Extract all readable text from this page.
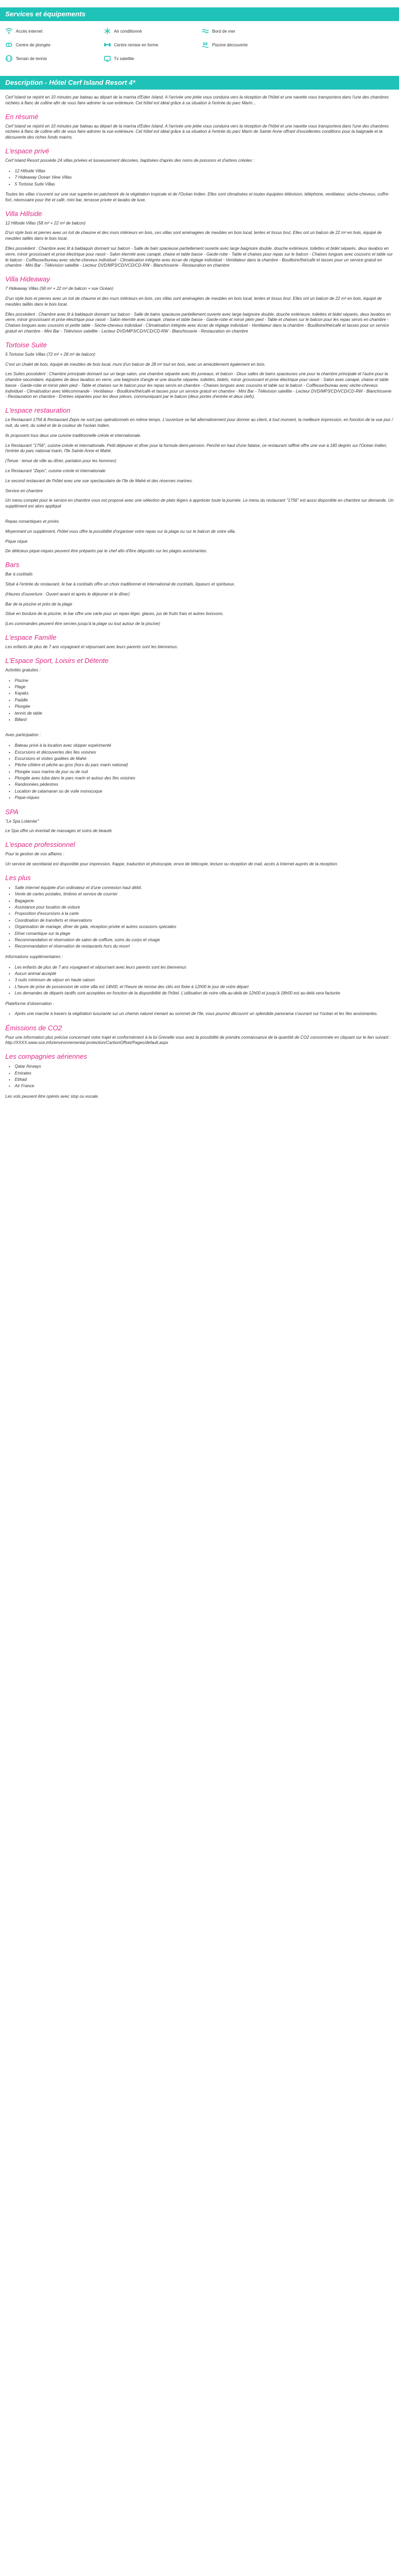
Services et équipements
Accès internet	Air conditionné	Bord de mer
Centre de plongée	Centre remise en forme	Piscine découverte
Terrain de tennis	Tv satellite
Description - Hôtel Cerf Island Resort 4*

Cerf Island se rejoint en 10 minutes par bateau au départ de la marina d'Eden Island. A l'arrivée une jetée vous conduira vers la réception de l'hôtel et une navette vous transportera dans l'une des chambres nichées à flanc de colline afin de vous faire admirer la vue extérieure. Cet hôtel est idéal grâce à sa situation à l'entrée du parc Marin...

En résumé

Cerf Island se rejoint en 10 minutes par bateau au départ de la marina d'Eden Island. A l'arrivée une jetée vous conduira vers la réception de l'hôtel et une navette vous transportera dans l'une des chambres nichées à flanc de colline afin de vous faire admirer la vue extérieure. Cet hôtel est idéal grâce à sa situation à l'entrée du parc Marin de Sainte Anne offrant d'excellentes conditions pour la baignade et la découverte des riches fonds marins.

L'espace privé

Cerf Island Resort possède 24 villas privées et luxueusement décorées, baptisées d'après des noms de poissons et d'arbres créoles :

• 12 Hillside Villas
• 7 Hideaway Ocean View Villas
• 5 Tortoise Suite Villas

Toutes les villas s'ouvrent sur une vue superbe en patchwork de la végétation tropicale et de l'Océan Indien. Elles sont climatisées et toutes équipées télévision, téléphone, ventilateur, sèche-cheveux, coffre-fort, nécessaire pour thé et café, mini bar, terrasse privée et lavabo de luxe.

Villa Hillside

12 Hillside Villas (58 m² + 22 m² de balcon)

D'un style bois et pierres avec un toit de chaume et des murs intérieurs en bois, ces villas sont aménagées de meubles en bois local, tentes et tissus brut. Elles ont un balcon de 22 m² en bois, équipé de meubles taillés dans le bois local.

Elles possèdent : Chambre avec lit à baldaquin donnant sur balcon - Salle de bain spacieuse partiellement ouverte avec large baignoire double, douche extérieure, toilettes et bidet séparés, deux lavabos en verre, miroir grossissant et prise électrique pour rasoir - Salon éternité avec canapé, chaise et table basse - Garde-robe - Table et chaises pour repas sur le balcon - Chaises longues avec coussins et table sur le balcon - Coiffeuse/bureau avec sèche-cheveux individuel - Climatisation intégrée avec écran de réglage individuel - Ventilateur dans la chambre - Bouilloire/thé/café et tasses pour un service gratuit en chambre - Mini Bar - Télévision satellite - Lecteur DVD/MP3/CD/VCD/CD-RW - Blanchisserie - Restauration en chambre

Villa Hideaway

7 Hideaway Villas (58 m² + 22 m² de balcon + vue Océan)

D'un style bois et pierres avec un toit de chaume et des murs intérieurs en bois, ces villas sont aménagées de meubles en bois local, tentes et tissus brut. Elles ont un balcon de 22 m² en bois, équipé de meubles taillés dans le bois local.

Elles possèdent : Chambre avec lit à baldaquin donnant sur balcon - Salle de bains spacieuse partiellement ouverte avec large baignoire double, douche extérieure, toilettes et bidet séparés, deux lavabos en verre, miroir grossissant et prise électrique pour rasoir - Salon éternité avec canapé, chaise et table basse - Garde-robe et miroir plein pied - Table et chaises sur le balcon pour les repas servis en chambre - Chaises longues avec coussins et petite table - Sèche-cheveux individuel - Climatisation intégrée avec écran de réglage individuel - Ventilateur dans la chambre - Bouilloire/thé/café et tasses pour un service gratuit en chambre - Mini Bar - Télévision satellite - Lecteur DVD/MP3/CD/VCD/CD-RW - Blanchisserie - Restauration en chambre

Tortoise Suite

5 Tortoise Suite Villas (72 m² + 28 m² de balcon)

C'est un chalet de bois, équipé de meubles de bois local, muni d'un balcon de 28 m² tout en bois, avec un ameublement également en bois.

Les Suites possèdent : Chambre principale donnant sur un large salon, une chambre séparée avec lits jumeaux, et balcon - Deux salles de bains spacieuses une pour la chambre principale et l'autre pour la chambre secondaire, équipées de deux lavabos en verre, une baignoire d'angle et une douche séparée, toilettes, bidets, miroir grossissant et prise électrique pour rasoir - Salon avec canapé, chaise et table basse - Garde-robe et miroir plein pied - Table et chaises sur le balcon pour les repas servis en chambre - Chaises longues avec coussins et table sur le balcon - Coiffeuse/bureau avec sèche-cheveux individuel - Climatisation avec télécommande - Ventilateur - Bouilloire/thé/café et tasses pour un service gratuit en chambre - Mini Bar - Télévision satellite - Lecteur DVD/MP3/CD/VCD/CD-RW - Blanchisserie - Restauration en chambre - Entrées séparées pour les deux pièces, communiquant par le balcon (deux portes d'entrée et deux clefs).

L'espace restauration

Le Restaurant 1756 & Restaurant Zepis ne sont pas opérationnels en même temps. L'ouverture se fait alternativement pour donner au client, à tout moment, la meilleure impression, en fonction de la vue jour / nuit, du vent, du soleil et de la couleur de l'océan Indien.

Ils proposent tous deux une cuisine traditionnelle créole et internationale.

Le Restaurant "1756", cuisine créole et internationale. Petit-déjeuner et dîner pour la formule demi-pension. Perché en haut d'une falaise, ce restaurant raffiné offre une vue à 180 degrés sur l'Océan Indien, l'entrée du parc national marin, l'île Sainte Anne et Mahé.

(Tenue : tenue de ville au dîner, pantalon pour les hommes)

Le Restaurant "Zepis", cuisine créole et internationale

Le second restaurant de l'hôtel avec une vue spectaculaire de l'île de Mahé et des réserves marines.

Service en chambre

Un menu complet pour le service en chambre vous est proposé avec une sélection de plats légers à apprécier toute la journée. Le menu du restaurant "1756" est aussi disponible en chambre sur demande. Un supplément est alors appliqué

Repas romantiques et privés

Moyennant un supplément, l'hôtel vous offre la possibilité d'organiser votre repas sur la plage ou sur le balcon de votre villa.

Pique nique

De délicieux pique-niques peuvent être préparés par le chef afin d'être dégustés sur les plages avoisinantes.

Bars

Bar à cocktails

Situé à l'entrée du restaurant, le bar à cocktails offre un choix traditionnel et international de cocktails, liqueurs et spiritueux.

(Heures d'ouverture : Ouvert avant et après le déjeuner et le dîner)

Bar de la piscine et près de la plage

Situé en bordure de la piscine, le bar offre une carte pour un repas léger, glaces, jus de fruits frais et autres boissons.

(Les commandes peuvent être servies jusqu'à la plage ou tout autour de la piscine)

L'espace Famille

Les enfants de plus de 7 ans voyageant et séjournant avec leurs parents sont les bienvenus.

L'Espace Sport, Loisirs et Détente

Activités gratuites :

• Piscine
• Plage
• Kayaks
• Paddle
• Plongée
• tennis de table
• Billard

Avec participation :

• Bateau privé à la location avec skipper expérimenté
• Excursions et découvertes des îles voisines
• Excursions et visites guidées de Mahé
• Pêche côtière et pêche au gros (hors du parc marin national)
• Plongée sous marine de jour ou de nuit
• Plongée avec tuba dans le parc marin et autour des îles voisines
• Randonnées pédestres
• Location de catamaran ou de voile monocoque
• Pique-niques
SPA

"Le Spa Lolamier"

Le Spa offre un éventail de massages et soins de beauté.

L'espace professionnel

Pour la gestion de vos affaires :

Un service de secrétariat est disponible pour impression, frappe, traduction et photocopie, envoi de télécopie, lecture ou réception de mail, accès à Internet auprès de la réception.

Les plus
• Salle Internet équipée d'un ordinateur et d'une connexion haut débit.
• Vente de cartes postales, timbres et service de courrier
• Bagagerie
• Assistance pour location de voiture
• Proposition d'excursions à la carte
• Coordination de transferts et réservations
• Organisation de mariage, dîner de gala, réception privée et autres occasions spéciales
• Dîner romantique sur la plage
• Recommandation et réservation de salon de coiffure, soins du corps et visage
• Recommandation et réservation de restaurants hors du resort

Informations supplémentaires :

• Les enfants de plus de 7 ans voyageant et séjournant avec leurs parents sont les bienvenus
• Aucun animal accepté
• 3 nuits minimum de séjour en haute saison
• L'heure de prise de possession de votre villa est 14h00, et l'heure de remise des clés est fixée à 12h00 le jour de votre départ
• Les demandes de départs tardifs sont acceptées en fonction de la disponibilité de l'hôtel. L'utilisation de votre villa au-delà de 12h00 et jusqu'à 18h00 est au-delà sera facturée

Plateforme d'observation :

• Après une marche à travers la végétation luxuriante sur un chemin naturel menant au sommet de l'île, vous pourrez découvrir un splendide panorama s'ouvrant sur l'océan et les îles avoisinantes.
Émissions de CO2

Pour une information plus précise concernant votre trajet et conformément à la loi Grenelle vous avez la possibilité de prendre connaissance de la quantité de CO2 consommée en cliquant sur le lien suivant : http://XXXX.www.sce.info/environnemental-protection/CarbonOffset/Pages/default.aspx

Les compagnies aériennes
• Qatar Airways
• Emirates
• Etihad
• Air France

Les vols peuvent être opérés avec stop ou escale.
